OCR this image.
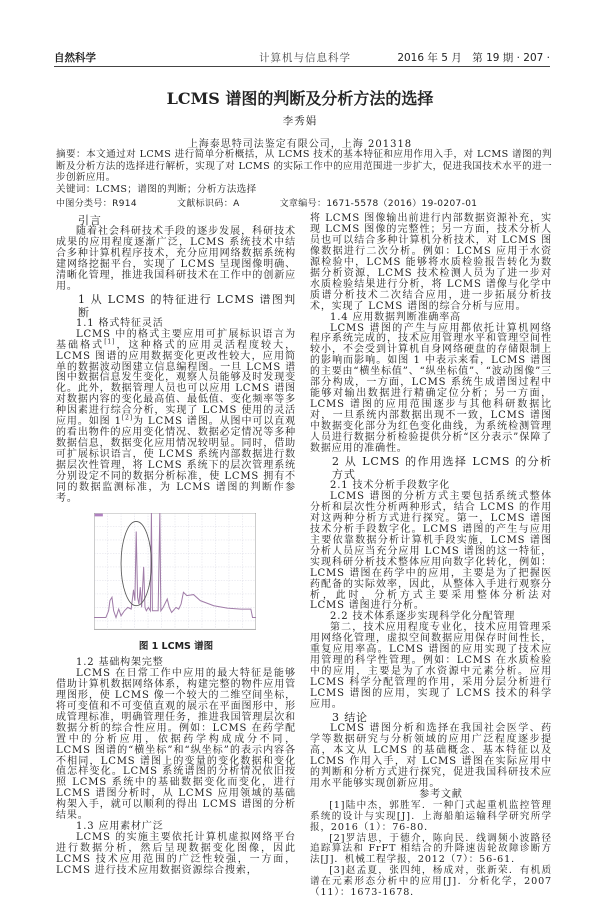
自然科学	计算机与信息科学	2016 年 5 月　第 19 期 · 207 ·
LCMS 谱图的判断及分析方法的选择
李秀娟
上海泰思特司法鉴定有限公司，上海 201318

摘要：本文通过对 LCMS 进行简单分析概括，从 LCMS 技术的基本特征和应用作用入手，对 LCMS 谱图的判断及分析方法的选择进行解析，实现了对 LCMS 的实际工作中的应用范围进一步扩大，促进我国技术水平的进一步创新应用。

关键词：LCMS；谱图的判断；分析方法选择

中图分类号：R914	文献标识码：A	文章编号：1671-5578（2016）19-0207-01

引言

随着社会科研技术手段的逐步发展，科研技术成果的应用程度逐渐广泛，LCMS 系统技术中结合多种计算机程序技术，充分应用网络数据系统构建网络挖掘平台，实现了 LCMS 呈现图像明确、清晰化管理，推进我国科研技术在工作中的创新应用。

1 从 LCMS 的特征进行 LCMS 谱图判断
1.1 格式特征灵活

LCMS 中的格式主要应用可扩展标识语言为基础格式[1]，这种格式的应用灵活程度较大，LCMS 图谱的应用数据变化更改性较大，应用简单的数据波动图建立信息编程图。一旦 LCMS 谱图中数据信息发生变化，观察人员能够及时发现变化。此外，数据管理人员也可以应用 LCMS 谱图对数据内容的变化最高值、最低值、变化频率等多种因素进行综合分析，实现了 LCMS 使用的灵活应用。如图 1[2]为 LCMS 谱图。从图中可以直观的看出物件的应用变化情况、数据必定情况等多种数据信息，数据变化应用情况较明显。同时，借助可扩展标识语言，使 LCMS 系统内部数据进行数据层次性管理，将 LCMS 系统下的层次管理系统分别设定不同的数据分析标准，使 LCMS 拥有不同的数据监测标准，为 LCMS 谱图的判断作参考。

图 1 LCMS 谱图
1.2 基础构架完整

LCMS 在日常工作中应用的最大特征是能够借助计算机数据网络体系，构建完整的物件应用管理图形，使 LCMS 像一个较大的二维空间坐标，将可变值和不可变值直观的展示在平面图形中，形成管理标准，明确管理任务，推进我国管理层次和数据分析的综合性应用。例如：LCMS 在药学配置中的分析应用，依据药学构成成分不同，LCMS 图谱的“横坐标”和“纵坐标”的表示内容各不相同，LCMS 谱图上的变量的变化数据和变化值怎样变化。LCMS 系统谱图的分析情况依旧按照 LCMS 系统中的基础数据变化而变化，进行 LCMS 谱图分析时，从 LCMS 应用领域的基础构架入手，就可以顺利的得出 LCMS 谱图的分析结果。

1.3 应用素材广泛

LCMS 的实施主要依托计算机虚拟网络平台进行数据分析，然后呈现数据变化图像，因此 LCMS 技术应用范围的广泛性较强，一方面，LCMS 进行技术应用数据资源综合搜索，

将 LCMS 图像输出前进行内部数据资源补充，实现 LCMS 图像的完整性；另一方面，技术分析人员也可以结合多种计算机分析技术，对 LCMS 图像数据进行二次分析。例如：LCMS 应用于水资源检验中，LCMS 能够将水质检验报告转化为数据分析资源，LCMS 技术检测人员为了进一步对水质检验结果进行分析，将 LCMS 谱像与化学中质谱分析技术二次结合应用，进一步拓展分析技术，实现了 LCMS 谱图的综合分析与应用。

1.4 应用数据判断准确率高

LCMS 谱图的产生与应用都依托计算机网络程序系统完成的，技术应用管理水平和管理空间性较小，不会受到计算机自身网络硬盘的存储限制上的影响而影响。如图 1 中表示来看，LCMS 谱图的主要由“横坐标值”、“纵坐标值”、“波动图像”三部分构成，一方面，LCMS 系统生成谱图过程中能够对输出数据进行精确定位分析；另一方面，LCMS 谱图的应用范围逐步与其他科研数据比对，一旦系统内部数据出现不一致，LCMS 谱图中数据变化部分为红色变化曲线，为系统检测管理人员进行数据分析检验提供分析“区分表示”保障了数据应用的准确性。

2 从 LCMS 的作用选择 LCMS 的分析方式
2.1 技术分析手段数字化

LCMS 谱图的分析方式主要包括系统式整体分析和层次性分析两种形式，结合 LCMS 的作用对这两种分析方式进行探究。第一，LCMS 谱图技术分析手段数字化。LCMS 谱图的产生与应用主要依靠数据分析计算机手段实施，LCMS 谱图分析人员应当充分应用 LCMS 谱图的这一特征，实现科研分析技术整体应用向数字化转化，例如：LCMS 谱图在药学中的应用，主要是为了把握医药配备的实际效率，因此，从整体入手进行观察分析，此时，分析方式主要采用整体分析法对 LCMS 谱图进行分析。

2.2 技术体系逐步实现科学化分配管理

第二，技术应用程度专业化，技术应用管理采用网络化管理，虚拟空间数据应用保存时间性长，重复应用率高。LCMS 谱图的应用实现了技术应用管理的科学性管理。例如：LCMS 在水质检验中的应用，主要是为了水资源中元素分析。应用 LCMS 科学分配管理的作用，采用分层分析进行 LCMS 谱图的应用，实现了 LCMS 技术的科学应用。

3 结论

LCMS 谱图分析和选择在我国社会医学、药学等数据研究与分析领域的应用广泛程度逐步提高，本文从 LCMS 的基础概念、基本特征以及 LCMS 作用入手，对 LCMS 谱图在实际应用中的判断和分析方式进行探究，促进我国科研技术应用水平能够实现创新应用。

参考文献

[1]陆中杰，郭胜军．一种门式起重机监控管理系统的设计与实现[J]．上海船舶运输科学研究所学报，2016（1）：76-80．

[2]罗洁思，于德介，陈向民．线调频小波路径追踪算法和 FrFT 相结合的升降速齿轮故障诊断方法[J]．机械工程学报，2012（7）：56-61．

[3]赵孟夏，张四纯，杨成对，张新荣．有机质谱在元素形态分析中的应用[J]．分析化学，2007（11）：1673-1678．
